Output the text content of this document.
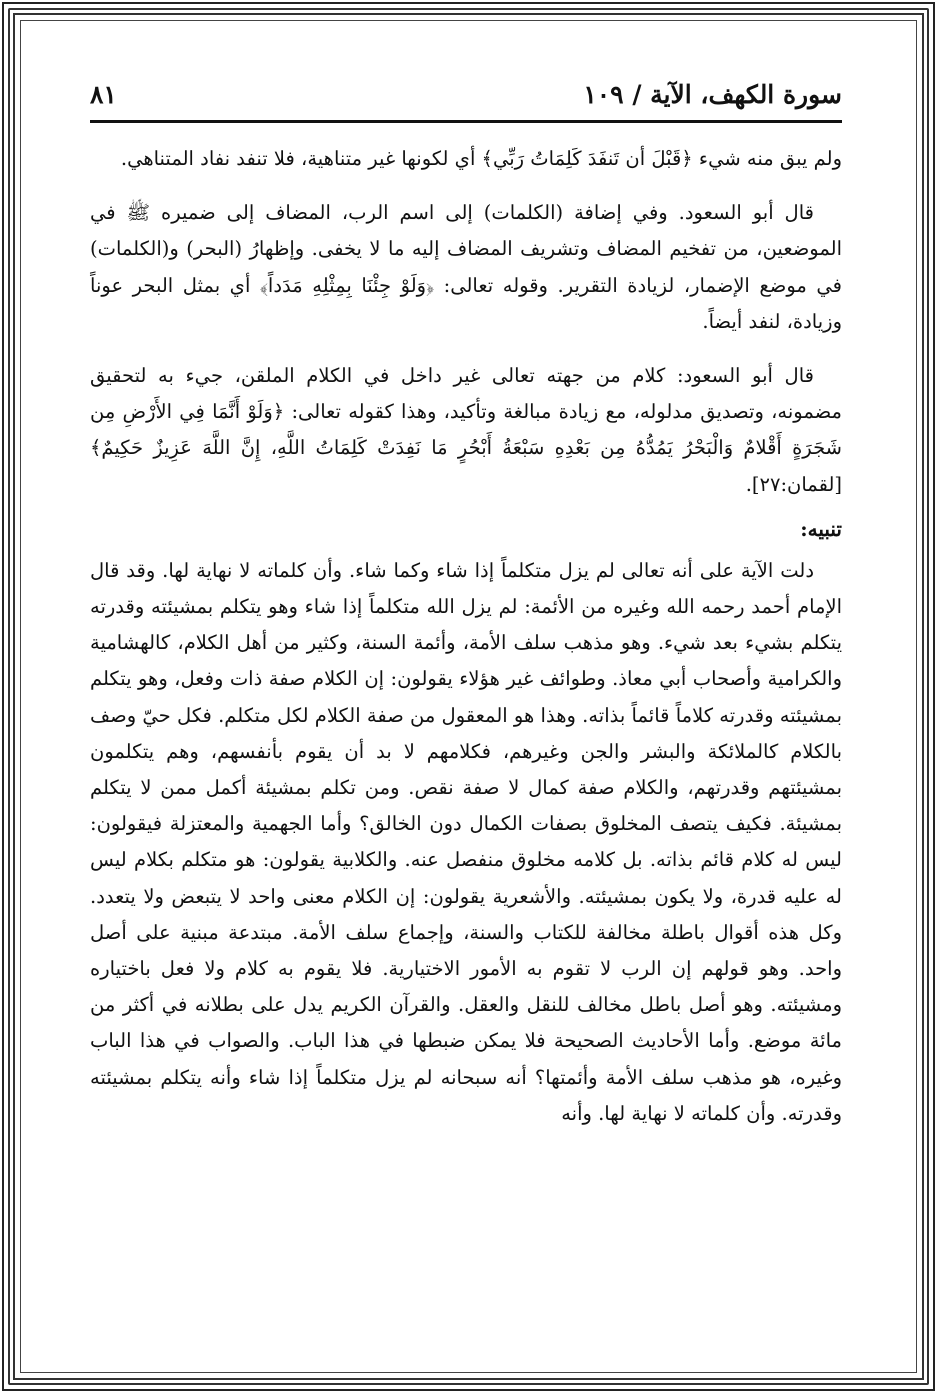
سورة الكهف، الآية / ١٠٩
٨١

ولم يبق منه شيء ﴿قَبْلَ أن تَنفَدَ كَلِمَاتُ رَبِّي﴾ أي لكونها غير متناهية، فلا تنفد نفاد المتناهي.

قال أبو السعود. وفي إضافة (الكلمات) إلى اسم الرب، المضاف إلى ضميره ﷺ في الموضعين، من تفخيم المضاف وتشريف المضاف إليه ما لا يخفى. وإظهارُ (البحر) و(الكلمات) في موضع الإضمار، لزيادة التقرير. وقوله تعالى: ﴿وَلَوْ جِئْنَا بِمِثْلِهِ مَدَداً﴾ أي بمثل البحر عوناً وزيادة، لنفد أيضاً.

قال أبو السعود: كلام من جهته تعالى غير داخل في الكلام الملقن، جيء به لتحقيق مضمونه، وتصديق مدلوله، مع زيادة مبالغة وتأكيد، وهذا كقوله تعالى: ﴿وَلَوْ أَنَّمَا فِي الأَرْضِ مِن شَجَرَةٍ أَقْلامٌ وَالْبَحْرُ يَمُدُّهُ مِن بَعْدِهِ سَبْعَةُ أَبْحُرٍ مَا نَفِدَتْ كَلِمَاتُ اللَّهِ، إِنَّ اللَّهَ عَزِيزٌ حَكِيمٌ﴾ [لقمان:٢٧].

تنبيه:

دلت الآية على أنه تعالى لم يزل متكلماً إذا شاء وكما شاء. وأن كلماته لا نهاية لها. وقد قال الإمام أحمد رحمه الله وغيره من الأئمة: لم يزل الله متكلماً إذا شاء وهو يتكلم بمشيئته وقدرته يتكلم بشيء بعد شيء. وهو مذهب سلف الأمة، وأئمة السنة، وكثير من أهل الكلام، كالهشامية والكرامية وأصحاب أبي معاذ. وطوائف غير هؤلاء يقولون: إن الكلام صفة ذات وفعل، وهو يتكلم بمشيئته وقدرته كلاماً قائماً بذاته. وهذا هو المعقول من صفة الكلام لكل متكلم. فكل حيّ وصف بالكلام كالملائكة والبشر والجن وغيرهم، فكلامهم لا بد أن يقوم بأنفسهم، وهم يتكلمون بمشيئتهم وقدرتهم، والكلام صفة كمال لا صفة نقص. ومن تكلم بمشيئة أكمل ممن لا يتكلم بمشيئة. فكيف يتصف المخلوق بصفات الكمال دون الخالق؟ وأما الجهمية والمعتزلة فيقولون: ليس له كلام قائم بذاته. بل كلامه مخلوق منفصل عنه. والكلابية يقولون: هو متكلم بكلام ليس له عليه قدرة، ولا يكون بمشيئته. والأشعرية يقولون: إن الكلام معنى واحد لا يتبعض ولا يتعدد. وكل هذه أقوال باطلة مخالفة للكتاب والسنة، وإجماع سلف الأمة. مبتدعة مبنية على أصل واحد. وهو قولهم إن الرب لا تقوم به الأمور الاختيارية. فلا يقوم به كلام ولا فعل باختياره ومشيئته. وهو أصل باطل مخالف للنقل والعقل. والقرآن الكريم يدل على بطلانه في أكثر من مائة موضع. وأما الأحاديث الصحيحة فلا يمكن ضبطها في هذا الباب. والصواب في هذا الباب وغيره، هو مذهب سلف الأمة وأئمتها؟ أنه سبحانه لم يزل متكلماً إذا شاء وأنه يتكلم بمشيئته وقدرته. وأن كلماته لا نهاية لها. وأنه
